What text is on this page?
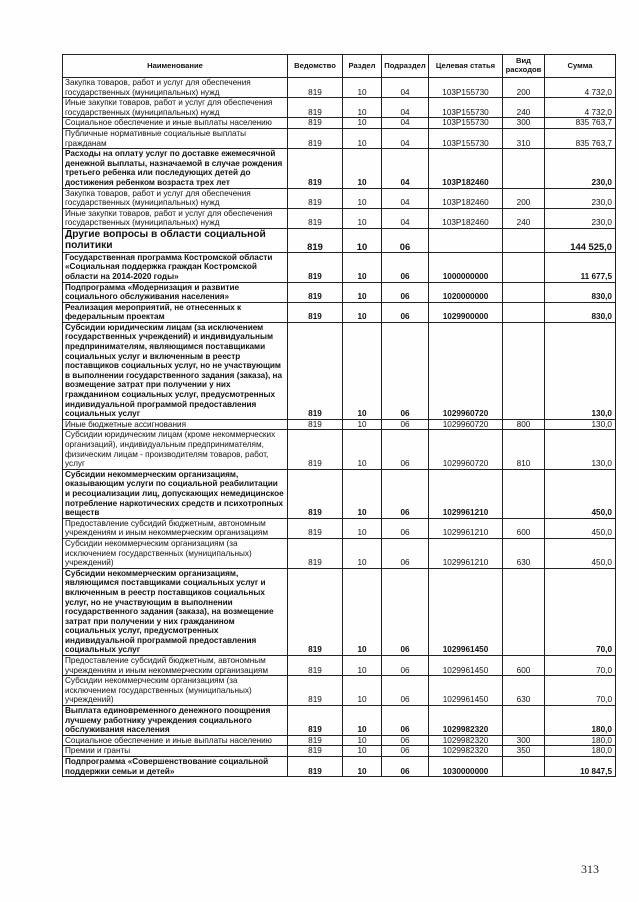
Наименование	Ведомство	Раздел	Подраздел	Целевая статья	Вид расходов	Сумма
Закупка товаров, работ и услуг для обеспечения государственных (муниципальных) нужд	819	10	04	103Р155730	200	4 732,0
Иные закупки товаров, работ и услуг для обеспечения государственных (муниципальных) нужд	819	10	04	103Р155730	240	4 732,0
Социальное обеспечение и иные выплаты населению	819	10	04	103Р155730	300	835 763,7
Публичные нормативные социальные выплаты гражданам	819	10	04	103Р155730	310	835 763,7
Расходы на оплату услуг по доставке ежемесячной денежной выплаты, назначаемой в случае рождения третьего ребенка или последующих детей до достижения ребенком возраста трех лет	819	10	04	103Р182460		230,0
Закупка товаров, работ и услуг для обеспечения государственных (муниципальных) нужд	819	10	04	103Р182460	200	230,0
Иные закупки товаров, работ и услуг для обеспечения государственных (муниципальных) нужд	819	10	04	103Р182460	240	230,0
Другие вопросы в области социальной политики	819	10	06			144 525,0
Государственная программа Костромской области «Социальная поддержка граждан Костромской области на 2014-2020 годы»	819	10	06	1000000000		11 677,5
Подпрограмма «Модернизация и развитие социального обслуживания населения»	819	10	06	1020000000		830,0
Реализация мероприятий, не отнесенных к федеральным проектам	819	10	06	1029900000		830,0
Субсидии юридическим лицам (за исключением государственных учреждений) и индивидуальным предпринимателям, являющимся поставщиками социальных услуг и включенным в реестр поставщиков социальных услуг, но не участвующим в выполнении государственного задания (заказа), на возмещение затрат при получении у них гражданином социальных услуг, предусмотренных индивидуальной программой предоставления социальных услуг	819	10	06	1029960720		130,0
Иные бюджетные ассигнования	819	10	06	1029960720	800	130,0
Субсидии юридическим лицам (кроме некоммерческих организаций), индивидуальным предпринимателям, физическим лицам - производителям товаров, работ, услуг	819	10	06	1029960720	810	130,0
Субсидии некоммерческим организациям, оказывающим услуги по социальной реабилитации и ресоциализации лиц, допускающих немедицинское потребление наркотических средств и психотропных веществ	819	10	06	1029961210		450,0
Предоставление субсидий бюджетным, автономным учреждениям и иным некоммерческим организациям	819	10	06	1029961210	600	450,0
Субсидии некоммерческим организациям (за исключением государственных (муниципальных) учреждений)	819	10	06	1029961210	630	450,0
Субсидии некоммерческим организациям, являющимся поставщиками социальных услуг и включенным в реестр поставщиков социальных услуг, но не участвующим в выполнении государственного задания (заказа), на возмещение затрат при получении у них гражданином социальных услуг, предусмотренных индивидуальной программой предоставления социальных услуг	819	10	06	1029961450		70,0
Предоставление субсидий бюджетным, автономным учреждениям и иным некоммерческим организациям	819	10	06	1029961450	600	70,0
Субсидии некоммерческим организациям (за исключением государственных (муниципальных) учреждений)	819	10	06	1029961450	630	70,0
Выплата единовременного денежного поощрения лучшему работнику учреждения социального обслуживания населения	819	10	06	1029982320		180,0
Социальное обеспечение и иные выплаты населению	819	10	06	1029982320	300	180,0
Премии и гранты	819	10	06	1029982320	350	180,0
Подпрограмма «Совершенствование социальной поддержки семьи и детей»	819	10	06	1030000000		10 847,5
313
